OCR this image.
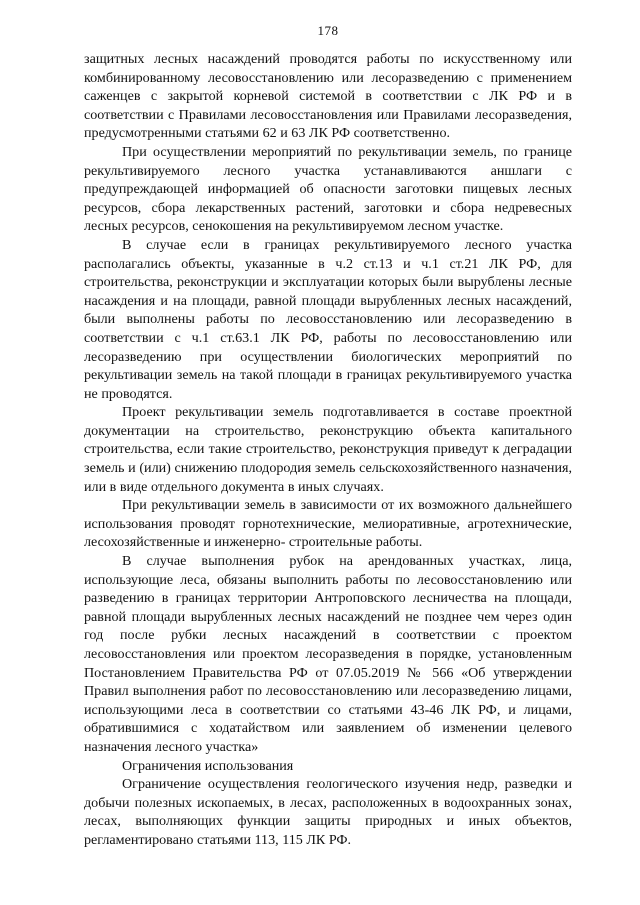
178

защитных лесных насаждений проводятся работы по искусственному или комбинированному лесовосстановлению или лесоразведению с применением саженцев с закрытой корневой системой в соответствии с ЛК РФ и в соответствии с Правилами лесовосстановления или Правилами лесоразведения, предусмотренными статьями 62 и 63 ЛК РФ соответственно.

При осуществлении мероприятий по рекультивации земель, по границе рекультивируемого лесного участка устанавливаются аншлаги с предупреждающей информацией об опасности заготовки пищевых лесных ресурсов, сбора лекарственных растений, заготовки и сбора недревесных лесных ресурсов, сенокошения на рекультивируемом лесном участке.

В случае если в границах рекультивируемого лесного участка располагались объекты, указанные в ч.2 ст.13 и ч.1 ст.21 ЛК РФ, для строительства, реконструкции и эксплуатации которых были вырублены лесные насаждения и на площади, равной площади вырубленных лесных насаждений, были выполнены работы по лесовосстановлению или лесоразведению в соответствии с ч.1 ст.63.1 ЛК РФ, работы по лесовосстановлению или лесоразведению при осуществлении биологических мероприятий по рекультивации земель на такой площади в границах рекультивируемого участка не проводятся.

Проект рекультивации земель подготавливается в составе проектной документации на строительство, реконструкцию объекта капитального строительства, если такие строительство, реконструкция приведут к деградации земель и (или) снижению плодородия земель сельскохозяйственного назначения, или в виде отдельного документа в иных случаях.

При рекультивации земель в зависимости от их возможного дальнейшего использования проводят горнотехнические, мелиоративные, агротехнические, лесохозяйственные и инженерно- строительные работы.

В случае выполнения рубок на арендованных участках, лица, использующие леса, обязаны выполнить работы по лесовосстановлению или разведению в границах территории Антроповского лесничества на площади, равной площади вырубленных лесных насаждений не позднее чем через один год после рубки лесных насаждений в соответствии с проектом лесовосстановления или проектом лесоразведения в порядке, установленным Постановлением Правительства РФ от 07.05.2019 № 566 «Об утверждении Правил выполнения работ по лесовосстановлению или лесоразведению лицами, использующими леса в соответствии со статьями 43-46 ЛК РФ, и лицами, обратившимися с ходатайством или заявлением об изменении целевого назначения лесного участка»

Ограничения использования

Ограничение осуществления геологического изучения недр, разведки и добычи полезных ископаемых, в лесах, расположенных в водоохранных зонах, лесах, выполняющих функции защиты природных и иных объектов, регламентировано статьями 113, 115 ЛК РФ.
